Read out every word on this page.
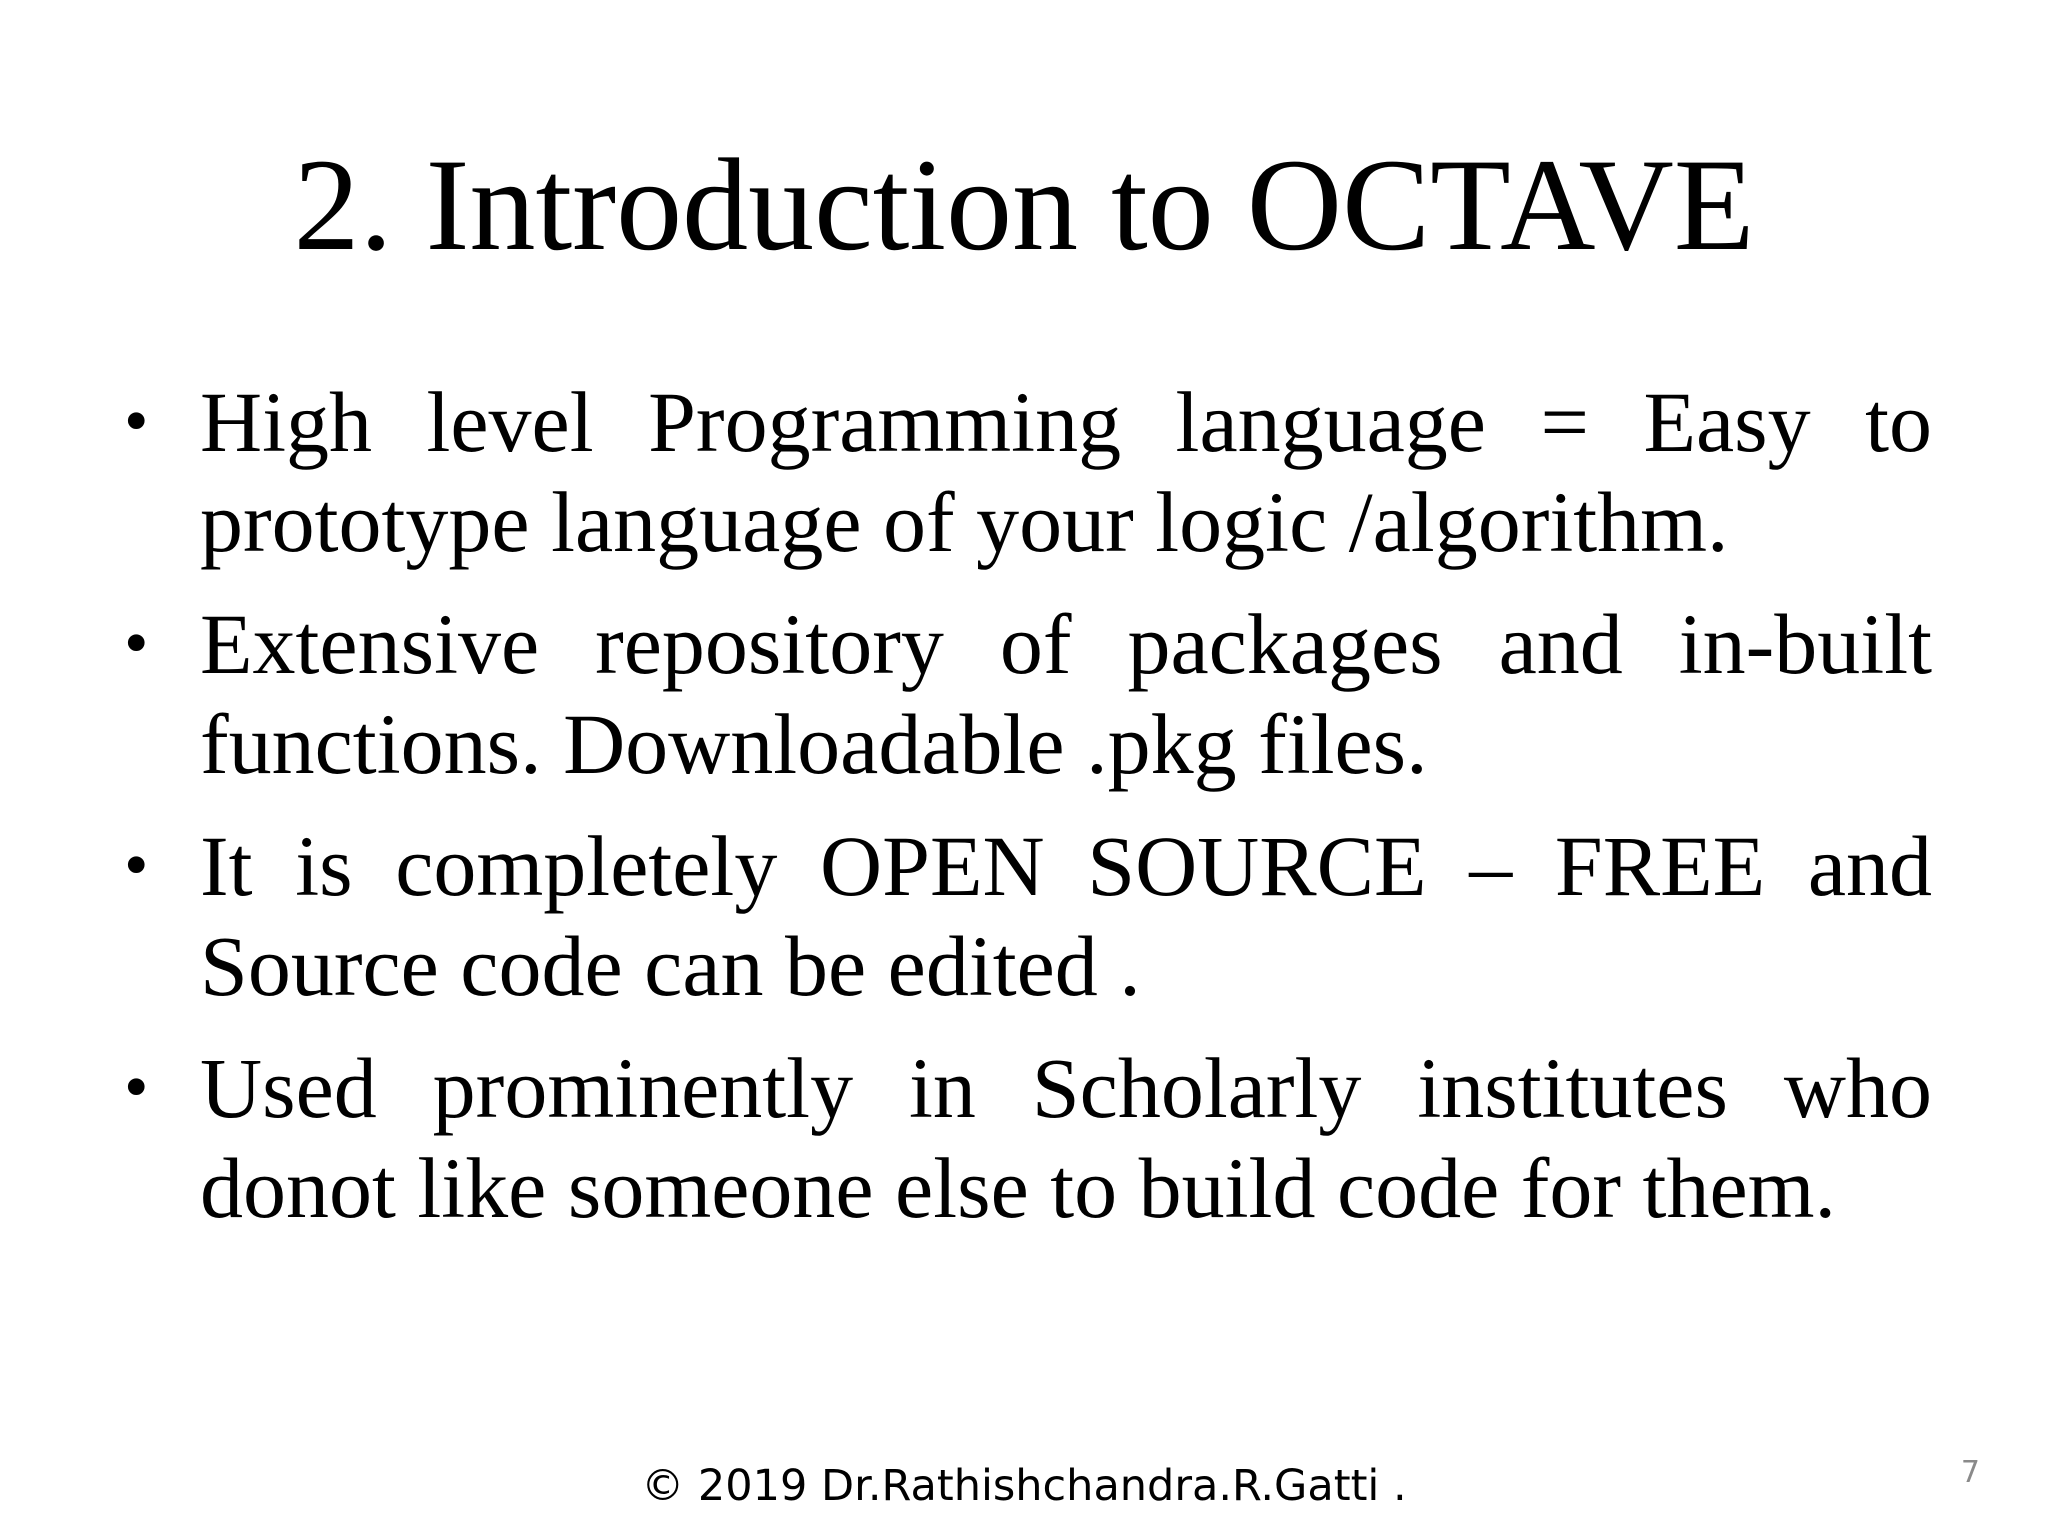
2. Introduction to OCTAVE
• High level Programming language = Easy to prototype language of your logic /algorithm.
• Extensive repository of packages and in-built functions. Downloadable .pkg files.
• It is completely OPEN SOURCE – FREE and Source code can be edited .
• Used prominently in Scholarly institutes who donot like someone else to build code for them.
© 2019 Dr.Rathishchandra.R.Gatti .	7
